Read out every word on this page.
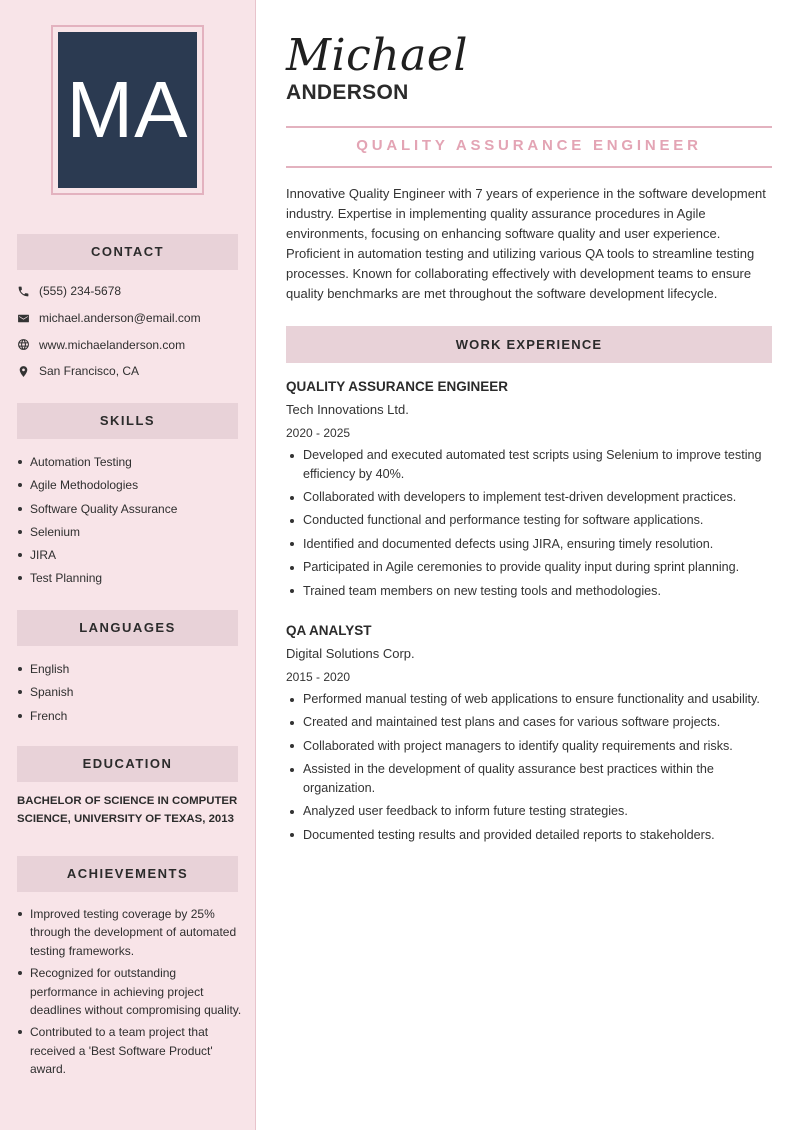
MA
CONTACT
(555) 234-5678
michael.anderson@email.com
www.michaelanderson.com
San Francisco, CA
SKILLS
Automation Testing
Agile Methodologies
Software Quality Assurance
Selenium
JIRA
Test Planning
LANGUAGES
English
Spanish
French
EDUCATION
BACHELOR OF SCIENCE IN COMPUTER SCIENCE, UNIVERSITY OF TEXAS, 2013
ACHIEVEMENTS
Improved testing coverage by 25% through the development of automated testing frameworks.
Recognized for outstanding performance in achieving project deadlines without compromising quality.
Contributed to a team project that received a 'Best Software Product' award.
Michael
ANDERSON
QUALITY ASSURANCE ENGINEER

Innovative Quality Engineer with 7 years of experience in the software development industry. Expertise in implementing quality assurance procedures in Agile environments, focusing on enhancing software quality and user experience. Proficient in automation testing and utilizing various QA tools to streamline testing processes. Known for collaborating effectively with development teams to ensure quality benchmarks are met throughout the software development lifecycle.

WORK EXPERIENCE
QUALITY ASSURANCE ENGINEER
Tech Innovations Ltd.
2020 - 2025
Developed and executed automated test scripts using Selenium to improve testing efficiency by 40%.
Collaborated with developers to implement test-driven development practices.
Conducted functional and performance testing for software applications.
Identified and documented defects using JIRA, ensuring timely resolution.
Participated in Agile ceremonies to provide quality input during sprint planning.
Trained team members on new testing tools and methodologies.
QA ANALYST
Digital Solutions Corp.
2015 - 2020
Performed manual testing of web applications to ensure functionality and usability.
Created and maintained test plans and cases for various software projects.
Collaborated with project managers to identify quality requirements and risks.
Assisted in the development of quality assurance best practices within the organization.
Analyzed user feedback to inform future testing strategies.
Documented testing results and provided detailed reports to stakeholders.
